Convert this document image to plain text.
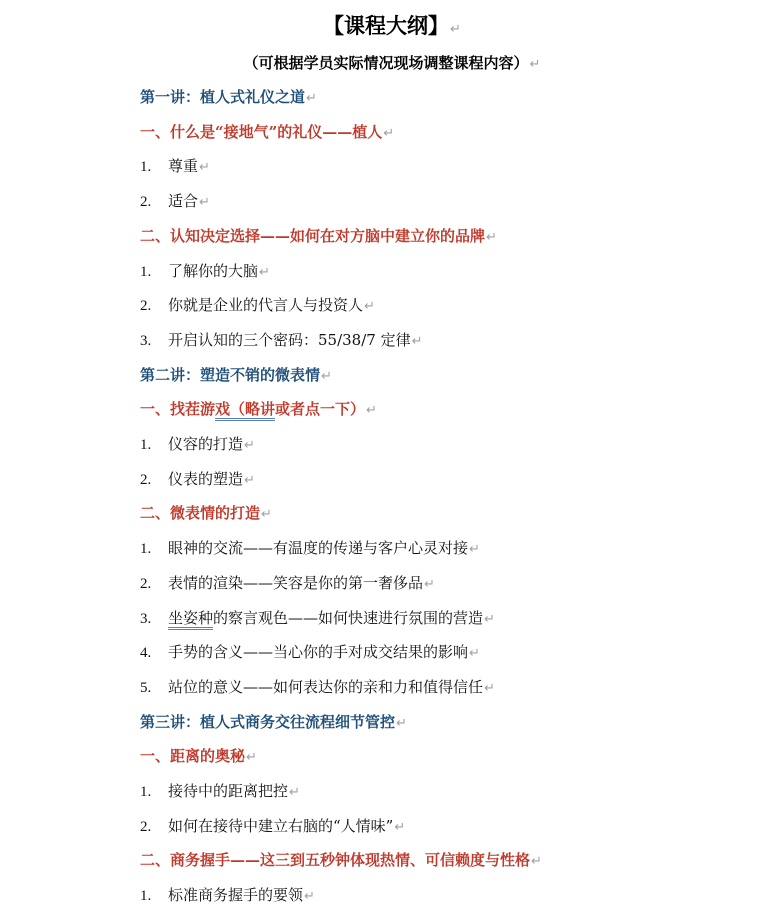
【课程大纲】↵
（可根据学员实际情况现场调整课程内容）↵
第一讲：植人式礼仪之道↵
一、什么是“接地气”的礼仪——植人↵
1. 尊重↵
2. 适合↵
二、认知决定选择——如何在对方脑中建立你的品牌↵
1. 了解你的大脑↵
2. 你就是企业的代言人与投资人↵
3. 开启认知的三个密码：55/38/7 定律↵
第二讲：塑造不销的微表情↵
一、找茬游戏（略讲或者点一下）↵
1. 仪容的打造↵
2. 仪表的塑造↵
二、微表情的打造↵
1. 眼神的交流——有温度的传递与客户心灵对接↵
2. 表情的渲染——笑容是你的第一奢侈品↵
3. 坐姿种的察言观色——如何快速进行氛围的营造↵
4. 手势的含义——当心你的手对成交结果的影响↵
5. 站位的意义——如何表达你的亲和力和值得信任↵
第三讲：植人式商务交往流程细节管控↵
一、距离的奥秘↵
1. 接待中的距离把控↵
2. 如何在接待中建立右脑的“人情味”↵
二、商务握手——这三到五秒钟体现热情、可信赖度与性格↵
1. 标准商务握手的要领↵
